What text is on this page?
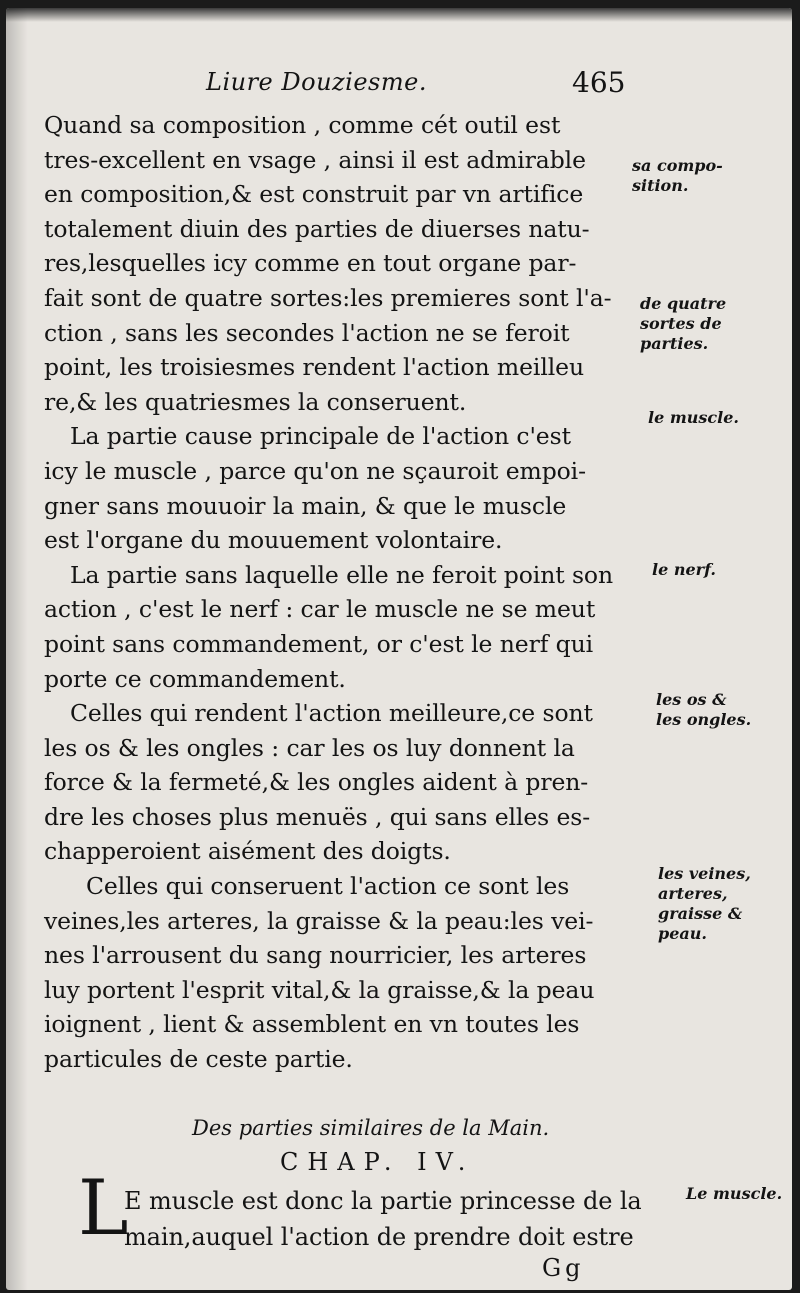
Liure Douziesme.	465
Quand sa composition , comme cét outil est
tres-excellent en vsage , ainsi il est admirable
en composition,& est construit par vn artifice
totalement diuin des parties de diuerses natu-
res,lesquelles icy comme en tout organe par-
fait sont de quatre sortes:les premieres sont l'a-
ction , sans les secondes l'action ne se feroit
point, les troisiesmes rendent l'action meilleu
re,& les quatriesmes la conseruent.
La partie cause principale de l'action c'est
icy le muscle , parce qu'on ne sçauroit empoi-
gner sans mouuoir la main, & que le muscle
est l'organe du mouuement volontaire.
La partie sans laquelle elle ne feroit point son
action , c'est le nerf : car le muscle ne se meut
point sans commandement, or c'est le nerf qui
porte ce commandement.
Celles qui rendent l'action meilleure,ce sont
les os & les ongles : car les os luy donnent la
force & la fermeté,& les ongles aident à pren-
dre les choses plus menuës , qui sans elles es-
chapperoient aisément des doigts.
Celles qui conseruent l'action ce sont les
veines,les arteres, la graisse & la peau:les vei-
nes l'arrousent du sang nourricier, les arteres
luy portent l'esprit vital,& la graisse,& la peau
ioignent , lient & assemblent en vn toutes les
particules de ceste partie.
sa compo-
sition.
de quatre
sortes de
parties.
le muscle.
le nerf.
les os &
les ongles.
les veines,
arteres,
graisse &
peau.
Le muscle.
Des parties similaires de la Main.
CHAP. IV.
L
E muscle est donc la partie princesse de la
main,auquel l'action de prendre doit estre
Gg
